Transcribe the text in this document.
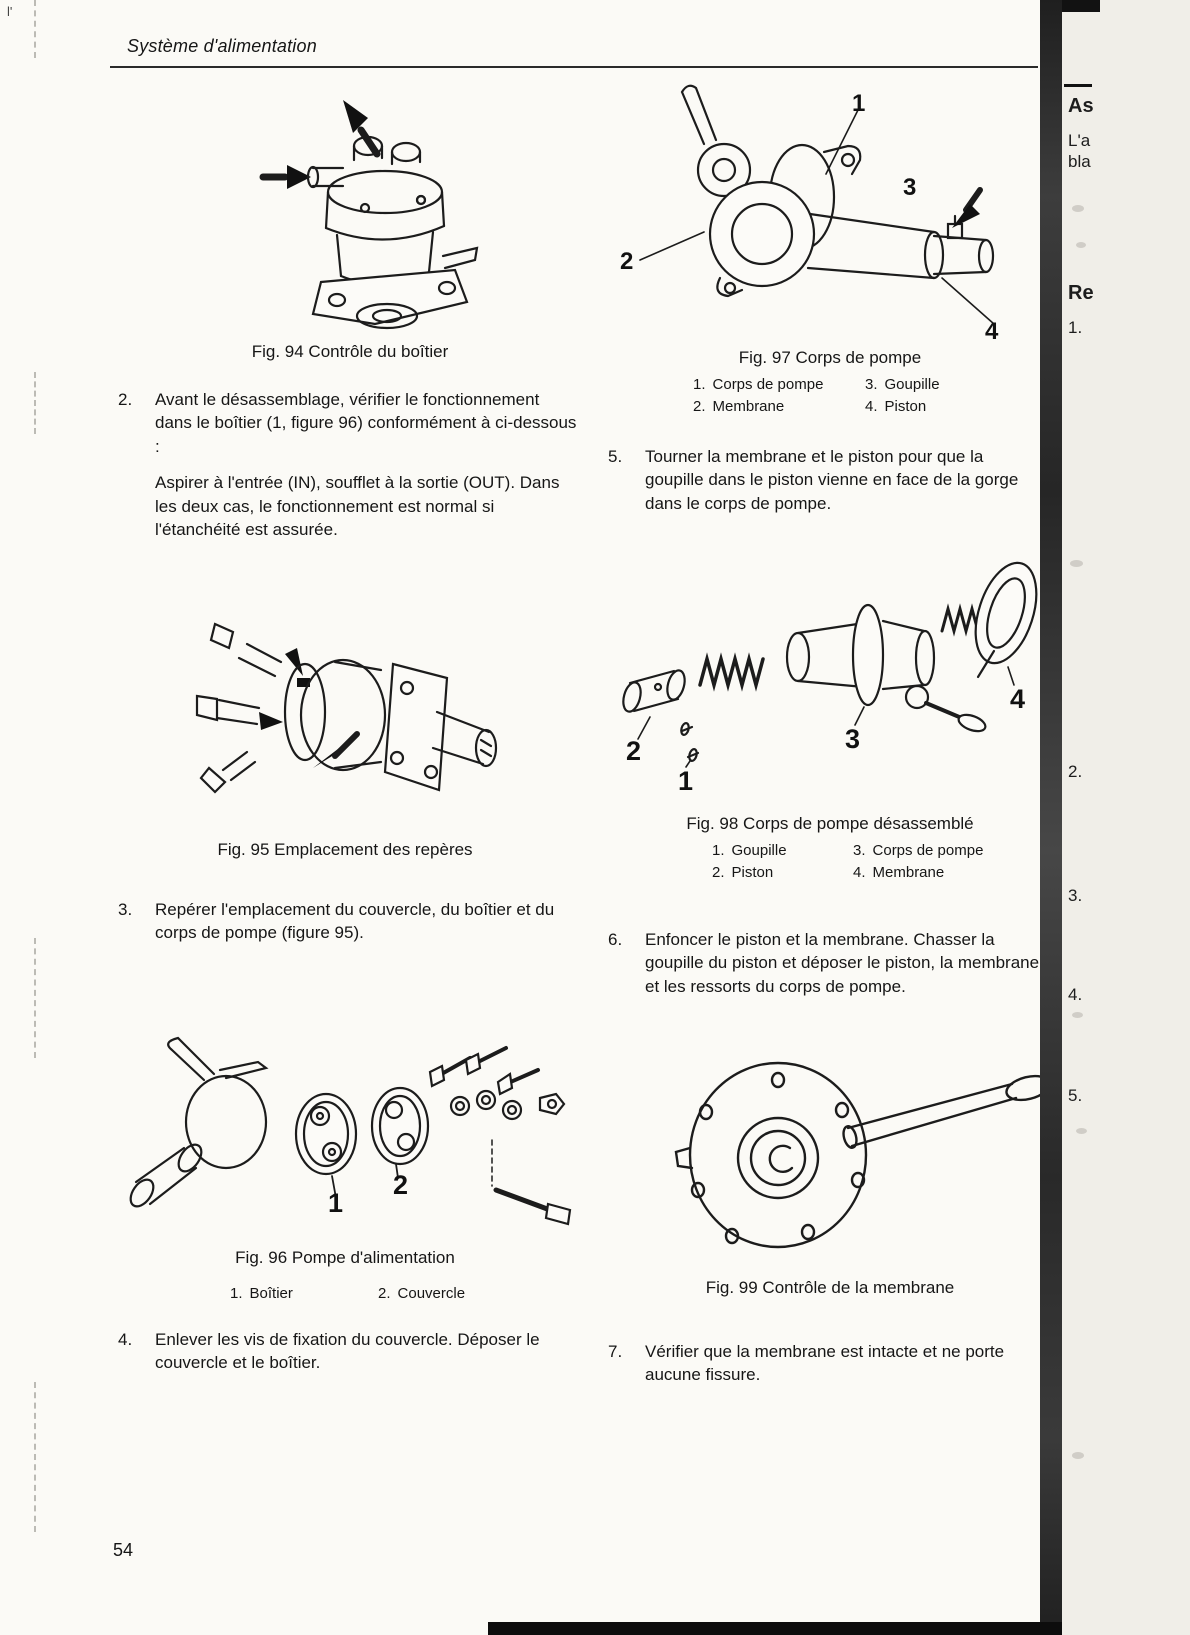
l'
Système d'alimentation
Fig. 94 Contrôle du boîtier
2.	Avant le désassemblage, vérifier le fonctionnement dans le boîtier (1, figure 96) conformément à ci-dessous :
Aspirer à l'entrée (IN), soufflet à la sortie (OUT). Dans les deux cas, le fonctionnement est normal si l'étanchéité est assurée.
Fig. 95 Emplacement des repères
3.	Repérer l'emplacement du couvercle, du boîtier et du corps de pompe (figure 95).
1
2
Fig. 96 Pompe d'alimentation
1. Boîtier	2. Couvercle
4.	Enlever les vis de fixation du couvercle. Déposer le couvercle et le boîtier.
1
3
2
4
Fig. 97 Corps de pompe
1. Corps de pompe	3. Goupille
2. Membrane	4. Piston
5.	Tourner la membrane et le piston pour que la goupille dans le piston vienne en face de la gorge dans le corps de pompe.
2
1
3
4
Fig. 98 Corps de pompe désassemblé
1. Goupille	3. Corps de pompe
2. Piston	4. Membrane
6.	Enfoncer le piston et la membrane. Chasser la goupille du piston et déposer le piston, la membrane et les ressorts du corps de pompe.
Fig. 99 Contrôle de la membrane
7.	Vérifier que la membrane est intacte et ne porte aucune fissure.
54
As
L'a
bla
Re
1.
2.
3.
4.
5.
